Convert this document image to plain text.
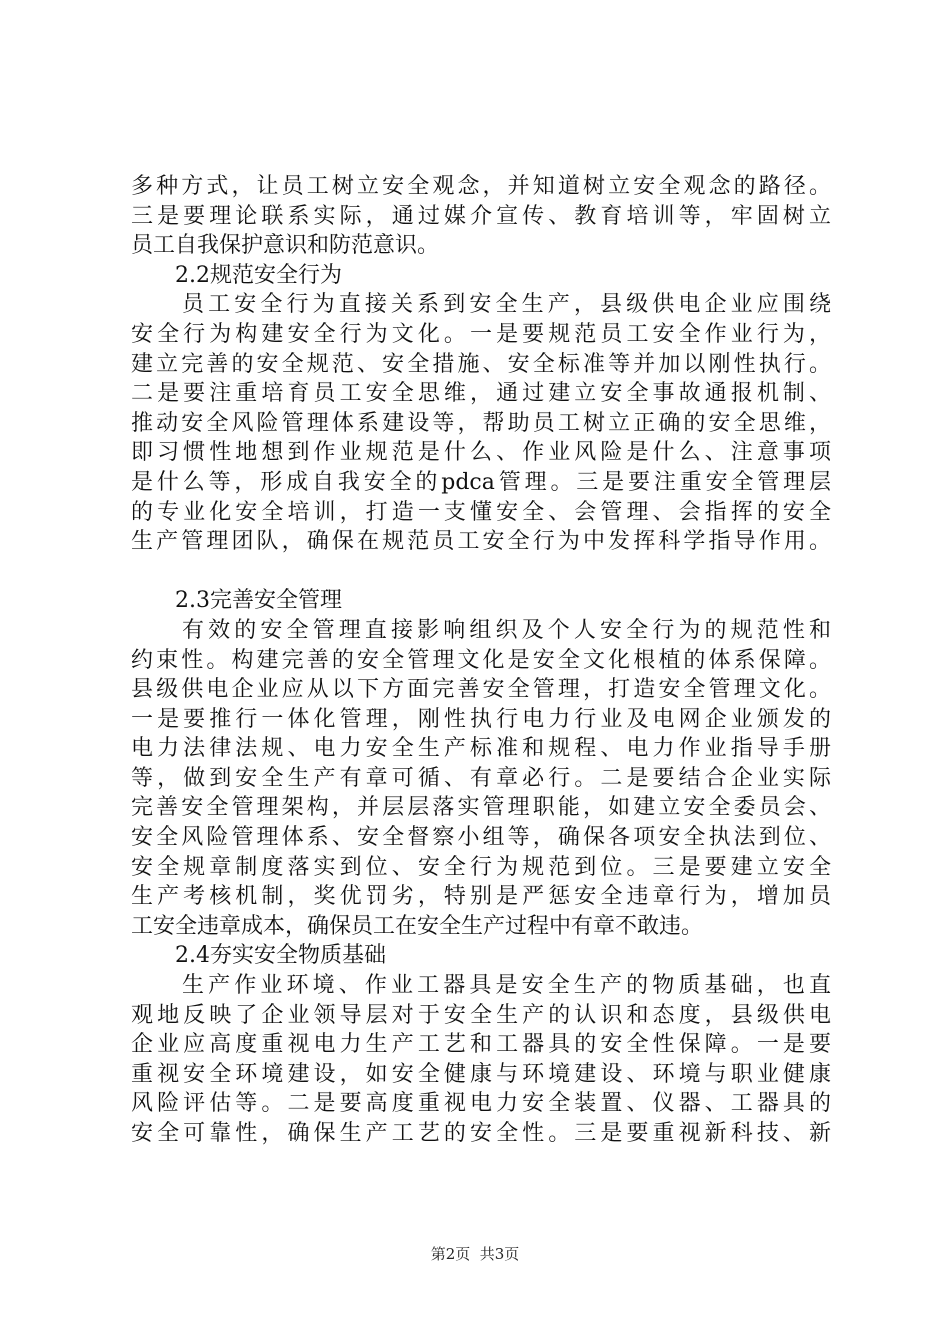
多种方式，让员工树立安全观念，并知道树立安全观念的路径。
三是要理论联系实际，通过媒介宣传、教育培训等，牢固树立
员工自我保护意识和防范意识。
2.2规范安全行为
员工安全行为直接关系到安全生产，县级供电企业应围绕
安全行为构建安全行为文化。一是要规范员工安全作业行为，
建立完善的安全规范、安全措施、安全标准等并加以刚性执行。
二是要注重培育员工安全思维，通过建立安全事故通报机制、
推动安全风险管理体系建设等，帮助员工树立正确的安全思维，
即习惯性地想到作业规范是什么、作业风险是什么、注意事项
是什么等，形成自我安全的pdca管理。三是要注重安全管理层
的专业化安全培训，打造一支懂安全、会管理、会指挥的安全
生产管理团队，确保在规范员工安全行为中发挥科学指导作用。
2.3完善安全管理
有效的安全管理直接影响组织及个人安全行为的规范性和
约束性。构建完善的安全管理文化是安全文化根植的体系保障。
县级供电企业应从以下方面完善安全管理，打造安全管理文化。
一是要推行一体化管理，刚性执行电力行业及电网企业颁发的
电力法律法规、电力安全生产标准和规程、电力作业指导手册
等，做到安全生产有章可循、有章必行。二是要结合企业实际
完善安全管理架构，并层层落实管理职能，如建立安全委员会、
安全风险管理体系、安全督察小组等，确保各项安全执法到位、
安全规章制度落实到位、安全行为规范到位。三是要建立安全
生产考核机制，奖优罚劣，特别是严惩安全违章行为，增加员
工安全违章成本，确保员工在安全生产过程中有章不敢违。
2.4夯实安全物质基础
生产作业环境、作业工器具是安全生产的物质基础，也直
观地反映了企业领导层对于安全生产的认识和态度，县级供电
企业应高度重视电力生产工艺和工器具的安全性保障。一是要
重视安全环境建设，如安全健康与环境建设、环境与职业健康
风险评估等。二是要高度重视电力安全装置、仪器、工器具的
安全可靠性，确保生产工艺的安全性。三是要重视新科技、新
第2页  共3页
